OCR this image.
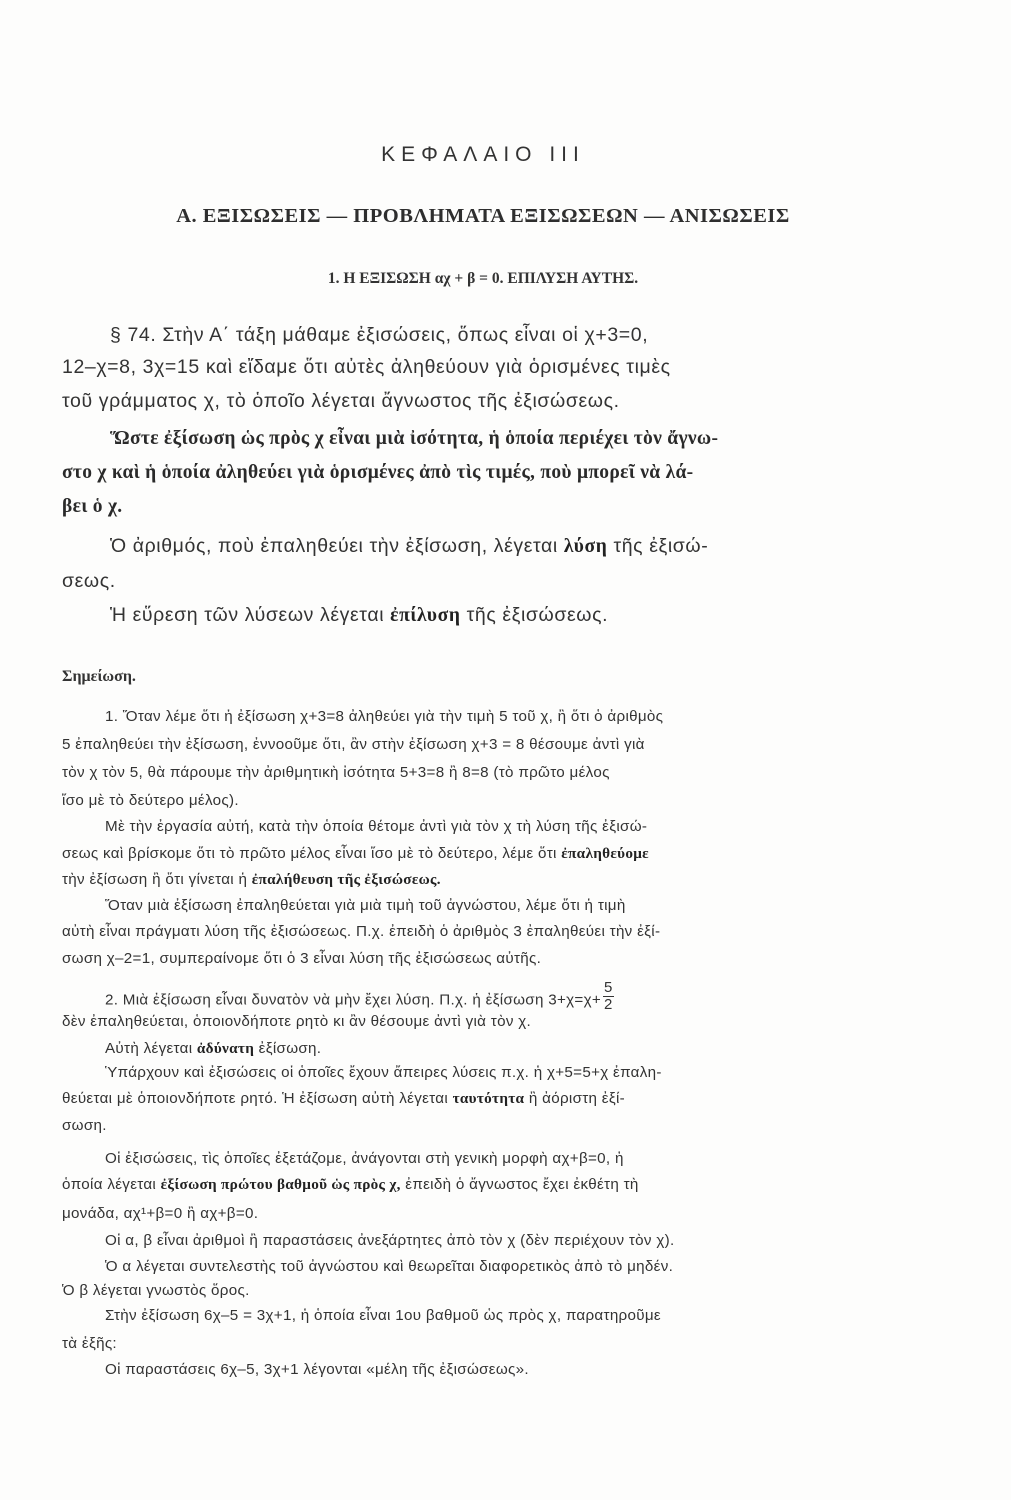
ΚΕΦΑΛΑΙΟ III
Α. ΕΞΙΣΩΣΕΙΣ — ΠΡΟΒΛΗΜΑΤΑ ΕΞΙΣΩΣΕΩΝ — ΑΝΙΣΩΣΕΙΣ
1. Η ΕΞΙΣΩΣΗ αχ + β = 0. ΕΠΙΛΥΣΗ ΑΥΤΗΣ.
§ 74. Στὴν Α΄ τάξη μάθαμε ἐξισώσεις, ὅπως εἶναι οἱ χ+3=0,
12–χ=8, 3χ=15 καὶ εἴδαμε ὅτι αὐτὲς ἀληθεύουν γιὰ ὁρισμένες τιμὲς
τοῦ γράμματος χ, τὸ ὁποῖο λέγεται ἄγνωστος τῆς ἐξισώσεως.
Ὥστε ἐξίσωση ὡς πρὸς χ εἶναι μιὰ ἰσότητα, ἡ ὁποία περιέχει τὸν ἄγνω-
στο χ καὶ ἡ ὁποία ἀληθεύει γιὰ ὁρισμένες ἀπὸ τὶς τιμές, ποὺ μπορεῖ νὰ λά-
βει ὁ χ.
Ὁ ἀριθμός, ποὺ ἐπαληθεύει τὴν ἐξίσωση, λέγεται λύση τῆς ἐξισώ-
σεως.
Ἡ εὕρεση τῶν λύσεων λέγεται ἐπίλυση τῆς ἐξισώσεως.
Σημείωση.
1. Ὅταν λέμε ὅτι ἡ ἐξίσωση χ+3=8 ἀληθεύει γιὰ τὴν τιμὴ 5 τοῦ χ, ἢ ὅτι ὁ ἀριθμὸς
5 ἐπαληθεύει τὴν ἐξίσωση, ἐννοοῦμε ὅτι, ἂν στὴν ἐξίσωση χ+3 = 8 θέσουμε ἀντὶ γιὰ
τὸν χ τὸν 5, θὰ πάρουμε τὴν ἀριθμητικὴ ἰσότητα 5+3=8 ἢ 8=8 (τὸ πρῶτο μέλος
ἴσο μὲ τὸ δεύτερο μέλος).
Μὲ τὴν ἐργασία αὐτή, κατὰ τὴν ὁποία θέτομε ἀντὶ γιὰ τὸν χ τὴ λύση τῆς ἐξισώ-
σεως καὶ βρίσκομε ὅτι τὸ πρῶτο μέλος εἶναι ἴσο μὲ τὸ δεύτερο, λέμε ὅτι ἐπαληθεύομε
τὴν ἐξίσωση ἢ ὅτι γίνεται ἡ ἐπαλήθευση τῆς ἐξισώσεως.
Ὅταν μιὰ ἐξίσωση ἐπαληθεύεται γιὰ μιὰ τιμὴ τοῦ ἀγνώστου, λέμε ὅτι ἡ τιμὴ
αὐτὴ εἶναι πράγματι λύση τῆς ἐξισώσεως. Π.χ. ἐπειδὴ ὁ ἀριθμὸς 3 ἐπαληθεύει τὴν ἐξί-
σωση χ–2=1, συμπεραίνομε ὅτι ὁ 3 εἶναι λύση τῆς ἐξισώσεως αὐτῆς.
2. Μιὰ ἐξίσωση εἶναι δυνατὸν νὰ μὴν ἔχει λύση. Π.χ. ἡ ἐξίσωση $3+\chi=\chi+ \frac{5}{2}$
δὲν ἐπαληθεύεται, ὁποιονδήποτε ρητὸ κι ἂν θέσουμε ἀντὶ γιὰ τὸν χ.
Αὐτὴ λέγεται ἀδύνατη ἐξίσωση.
Ὑπάρχουν καὶ ἐξισώσεις οἱ ὁποῖες ἔχουν ἄπειρες λύσεις π.χ. ἡ χ+5=5+χ ἐπαλη-
θεύεται μὲ ὁποιονδήποτε ρητό. Ἡ ἐξίσωση αὐτὴ λέγεται ταυτότητα ἢ ἀόριστη ἐξί-
σωση.
Οἱ ἐξισώσεις, τὶς ὁποῖες ἐξετάζομε, ἀνάγονται στὴ γενικὴ μορφὴ αχ+β=0, ἡ
ὁποία λέγεται ἐξίσωση πρώτου βαθμοῦ ὡς πρὸς χ, ἐπειδὴ ὁ ἄγνωστος ἔχει ἐκθέτη τὴ
μονάδα, αχ¹+β=0 ἢ αχ+β=0.
Οἱ α, β εἶναι ἀριθμοὶ ἢ παραστάσεις ἀνεξάρτητες ἀπὸ τὸν χ (δὲν περιέχουν τὸν χ).
Ὁ α λέγεται συντελεστὴς τοῦ ἀγνώστου καὶ θεωρεῖται διαφορετικὸς ἀπὸ τὸ μηδέν.
Ὁ β λέγεται γνωστὸς ὅρος.
Στὴν ἐξίσωση 6χ–5 = 3χ+1, ἡ ὁποία εἶναι 1ου βαθμοῦ ὡς πρὸς χ, παρατηροῦμε
τὰ ἑξῆς:
Οἱ παραστάσεις 6χ–5, 3χ+1 λέγονται «μέλη τῆς ἐξισώσεως».
